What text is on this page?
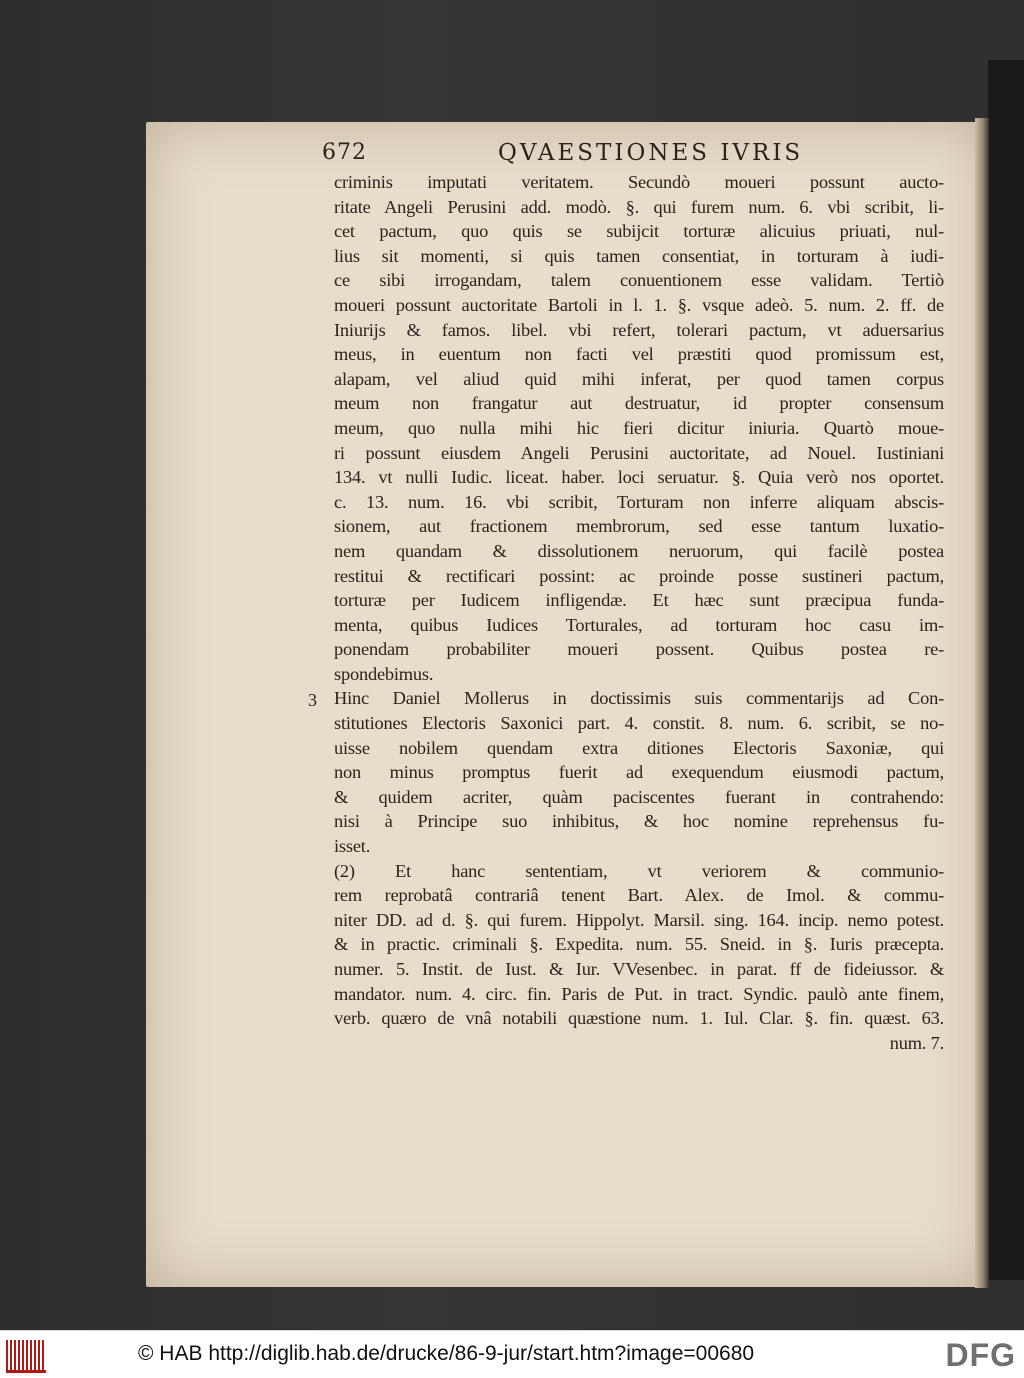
672	QVAESTIONES IVRIS
criminis imputati veritatem. Secundò moueri possunt aucto-
ritate Angeli Perusini add. modò. §. qui furem num. 6. vbi scribit, li-
cet pactum, quo quis se subijcit torturæ alicuius priuati, nul-
lius sit momenti, si quis tamen consentiat, in torturam à iudi-
ce sibi irrogandam, talem conuentionem esse validam. Tertiò
moueri possunt auctoritate Bartoli in l. 1. §. vsque adeò. 5. num. 2. ff. de
Iniurijs & famos. libel. vbi refert, tolerari pactum, vt aduersarius
meus, in euentum non facti vel præstiti quod promissum est,
alapam, vel aliud quid mihi inferat, per quod tamen corpus
meum non frangatur aut destruatur, id propter consensum
meum, quo nulla mihi hic fieri dicitur iniuria. Quartò moue-
ri possunt eiusdem Angeli Perusini auctoritate, ad Nouel. Iustiniani
134. vt nulli Iudic. liceat. haber. loci seruatur. §. Quia verò nos oportet.
c. 13. num. 16. vbi scribit, Torturam non inferre aliquam abscis-
sionem, aut fractionem membrorum, sed esse tantum luxatio-
nem quandam & dissolutionem neruorum, qui facilè postea
restitui & rectificari possint: ac proinde posse sustineri pactum,
torturæ per Iudicem infligendæ. Et hæc sunt præcipua funda-
menta, quibus Iudices Torturales, ad torturam hoc casu im-
ponendam probabiliter moueri possent. Quibus postea re-
spondebimus.
Hinc Daniel Mollerus in doctissimis suis commentarijs ad Con-
stitutiones Electoris Saxonici part. 4. constit. 8. num. 6. scribit, se no-
uisse nobilem quendam extra ditiones Electoris Saxoniæ, qui
non minus promptus fuerit ad exequendum eiusmodi pactum,
& quidem acriter, quàm paciscentes fuerant in contrahendo:
nisi à Principe suo inhibitus, & hoc nomine reprehensus fu-
isset.
(2) Et hanc sententiam, vt veriorem & communio-
rem reprobatâ contrariâ tenent Bart. Alex. de Imol. & commu-
niter DD. ad d. §. qui furem. Hippolyt. Marsil. sing. 164. incip. nemo potest.
& in practic. criminali §. Expedita. num. 55. Sneid. in §. Iuris præcepta.
numer. 5. Instit. de Iust. & Iur. VVesenbec. in parat. ff de fideiussor. &
mandator. num. 4. circ. fin. Paris de Put. in tract. Syndic. paulò ante finem,
verb. quæro de vnâ notabili quæstione num. 1. Iul. Clar. §. fin. quæst. 63.
num. 7.
3
© HAB http://diglib.hab.de/drucke/86-9-jur/start.htm?image=00680	DFG
